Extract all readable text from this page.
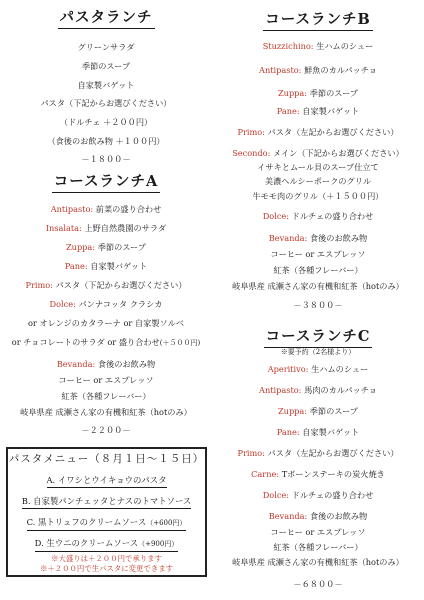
パスタランチ
グリーンサラダ
季節のスープ
自家製バゲット
パスタ（下記からお選びください）
（ドルチェ ＋２００円）
（食後のお飲み物 ＋１００円）
－１８００－
コースランチA
Antipasto: 前菜の盛り合わせ
Insalata: 上野自然農園のサラダ
Zuppa: 季節のスープ
Pane: 自家製バゲット
Primo: パスタ（下記からお選びください）
Dolce: パンナコッタ クラシカ
or オレンジのカタラーナ or 自家製ソルベ
or チョコレートのサラダ or 盛り合わせ(＋５００円)
Bevanda: 食後のお飲み物
コーヒー or エスプレッソ
紅茶（各種フレーバー）
岐阜県産 成瀬さん家の有機和紅茶（hotのみ）
－２２００－
パスタメニュー（８月１日～１５日）
A. イワシとウイキョウのパスタ
B. 自家製パンチェッタとナスのトマトソース
C. 黒トリュフのクリームソース（+600円）
D. 生ウニのクリームソース（+900円）
※大盛りは＋２００円で承ります
※＋２００円で生パスタに変更できます
コースランチB
Stuzzichino: 生ハムのシュー
Antipasto: 鮮魚のカルパッチョ
Zuppa: 季節のスープ
Pane: 自家製バゲット
Primo: パスタ（左記からお選びください）
Secondo: メイン（下記からお選びください）
イサキとムール貝のスープ仕立て
美濃ヘルシーポークのグリル
牛モモ肉のグリル（＋１５００円）
Dolce: ドルチェの盛り合わせ
Bevanda: 食後のお飲み物
コーヒー or エスプレッソ
紅茶（各種フレーバー）
岐阜県産 成瀬さん家の有機和紅茶（hotのみ）
－３８００－
コースランチC
※要予約（2名様より）
Aperitivo: 生ハムのシュー
Antipasto: 馬肉のカルパッチョ
Zuppa: 季節のスープ
Pane: 自家製バゲット
Primo: パスタ（左記からお選びください）
Carne: Tボーンステーキの炭火焼き
Dolce: ドルチェの盛り合わせ
Bevanda: 食後のお飲み物
コーヒー or エスプレッソ
紅茶（各種フレーバー）
岐阜県産 成瀬さん家の有機和紅茶（hotのみ）
－６８００－
